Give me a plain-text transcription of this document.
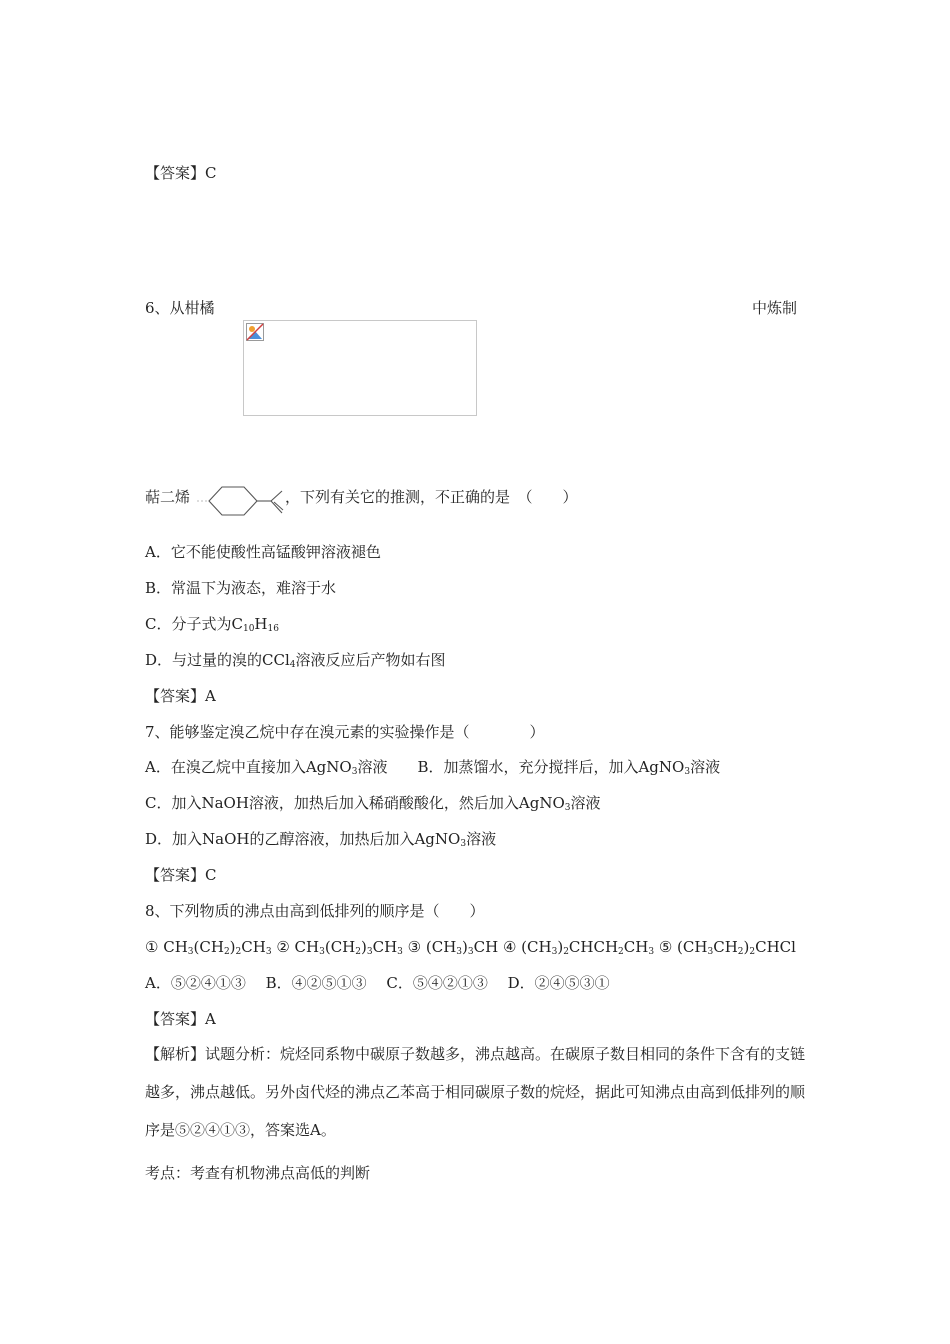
【答案】C
6、从柑橘	中炼制
萜二烯	，下列有关它的推测，不正确的是　（　　）
A．它不能使酸性高锰酸钾溶液褪色
B．常温下为液态，难溶于水
C．分子式为$C_{10}H_{16}$
D．与过量的溴的CCl$_4$溶液反应后产物如右图
【答案】A
7、能够鉴定溴乙烷中存在溴元素的实验操作是（　　　　）
A．在溴乙烷中直接加入AgNO$_3$溶液　　B．加蒸馏水，充分搅拌后，加入AgNO$_3$溶液
C．加入NaOH溶液，加热后加入稀硝酸酸化，然后加入AgNO$_3$溶液
D．加入NaOH的乙醇溶液，加热后加入AgNO$_3$溶液
【答案】C
8、下列物质的沸点由高到低排列的顺序是（　　）
① $CH_3(CH_2)_2CH_3$ ② $CH_3(CH_2)_3CH_3$ ③ $(CH_3)_3CH$ ④ $(CH_3)_2CHCH_2CH_3$ ⑤ $(CH_3CH_2)_2CHCl$
A．⑤②④①③　 B．④②⑤①③　 C．⑤④②①③　 D．②④⑤③①
【答案】A
【解析】试题分析：烷烃同系物中碳原子数越多，沸点越高。在碳原子数目相同的条件下含有的支链越多，沸点越低。另外卤代烃的沸点乙苯高于相同碳原子数的烷烃，据此可知沸点由高到低排列的顺序是⑤②④①③，答案选A。
考点：考查有机物沸点高低的判断
